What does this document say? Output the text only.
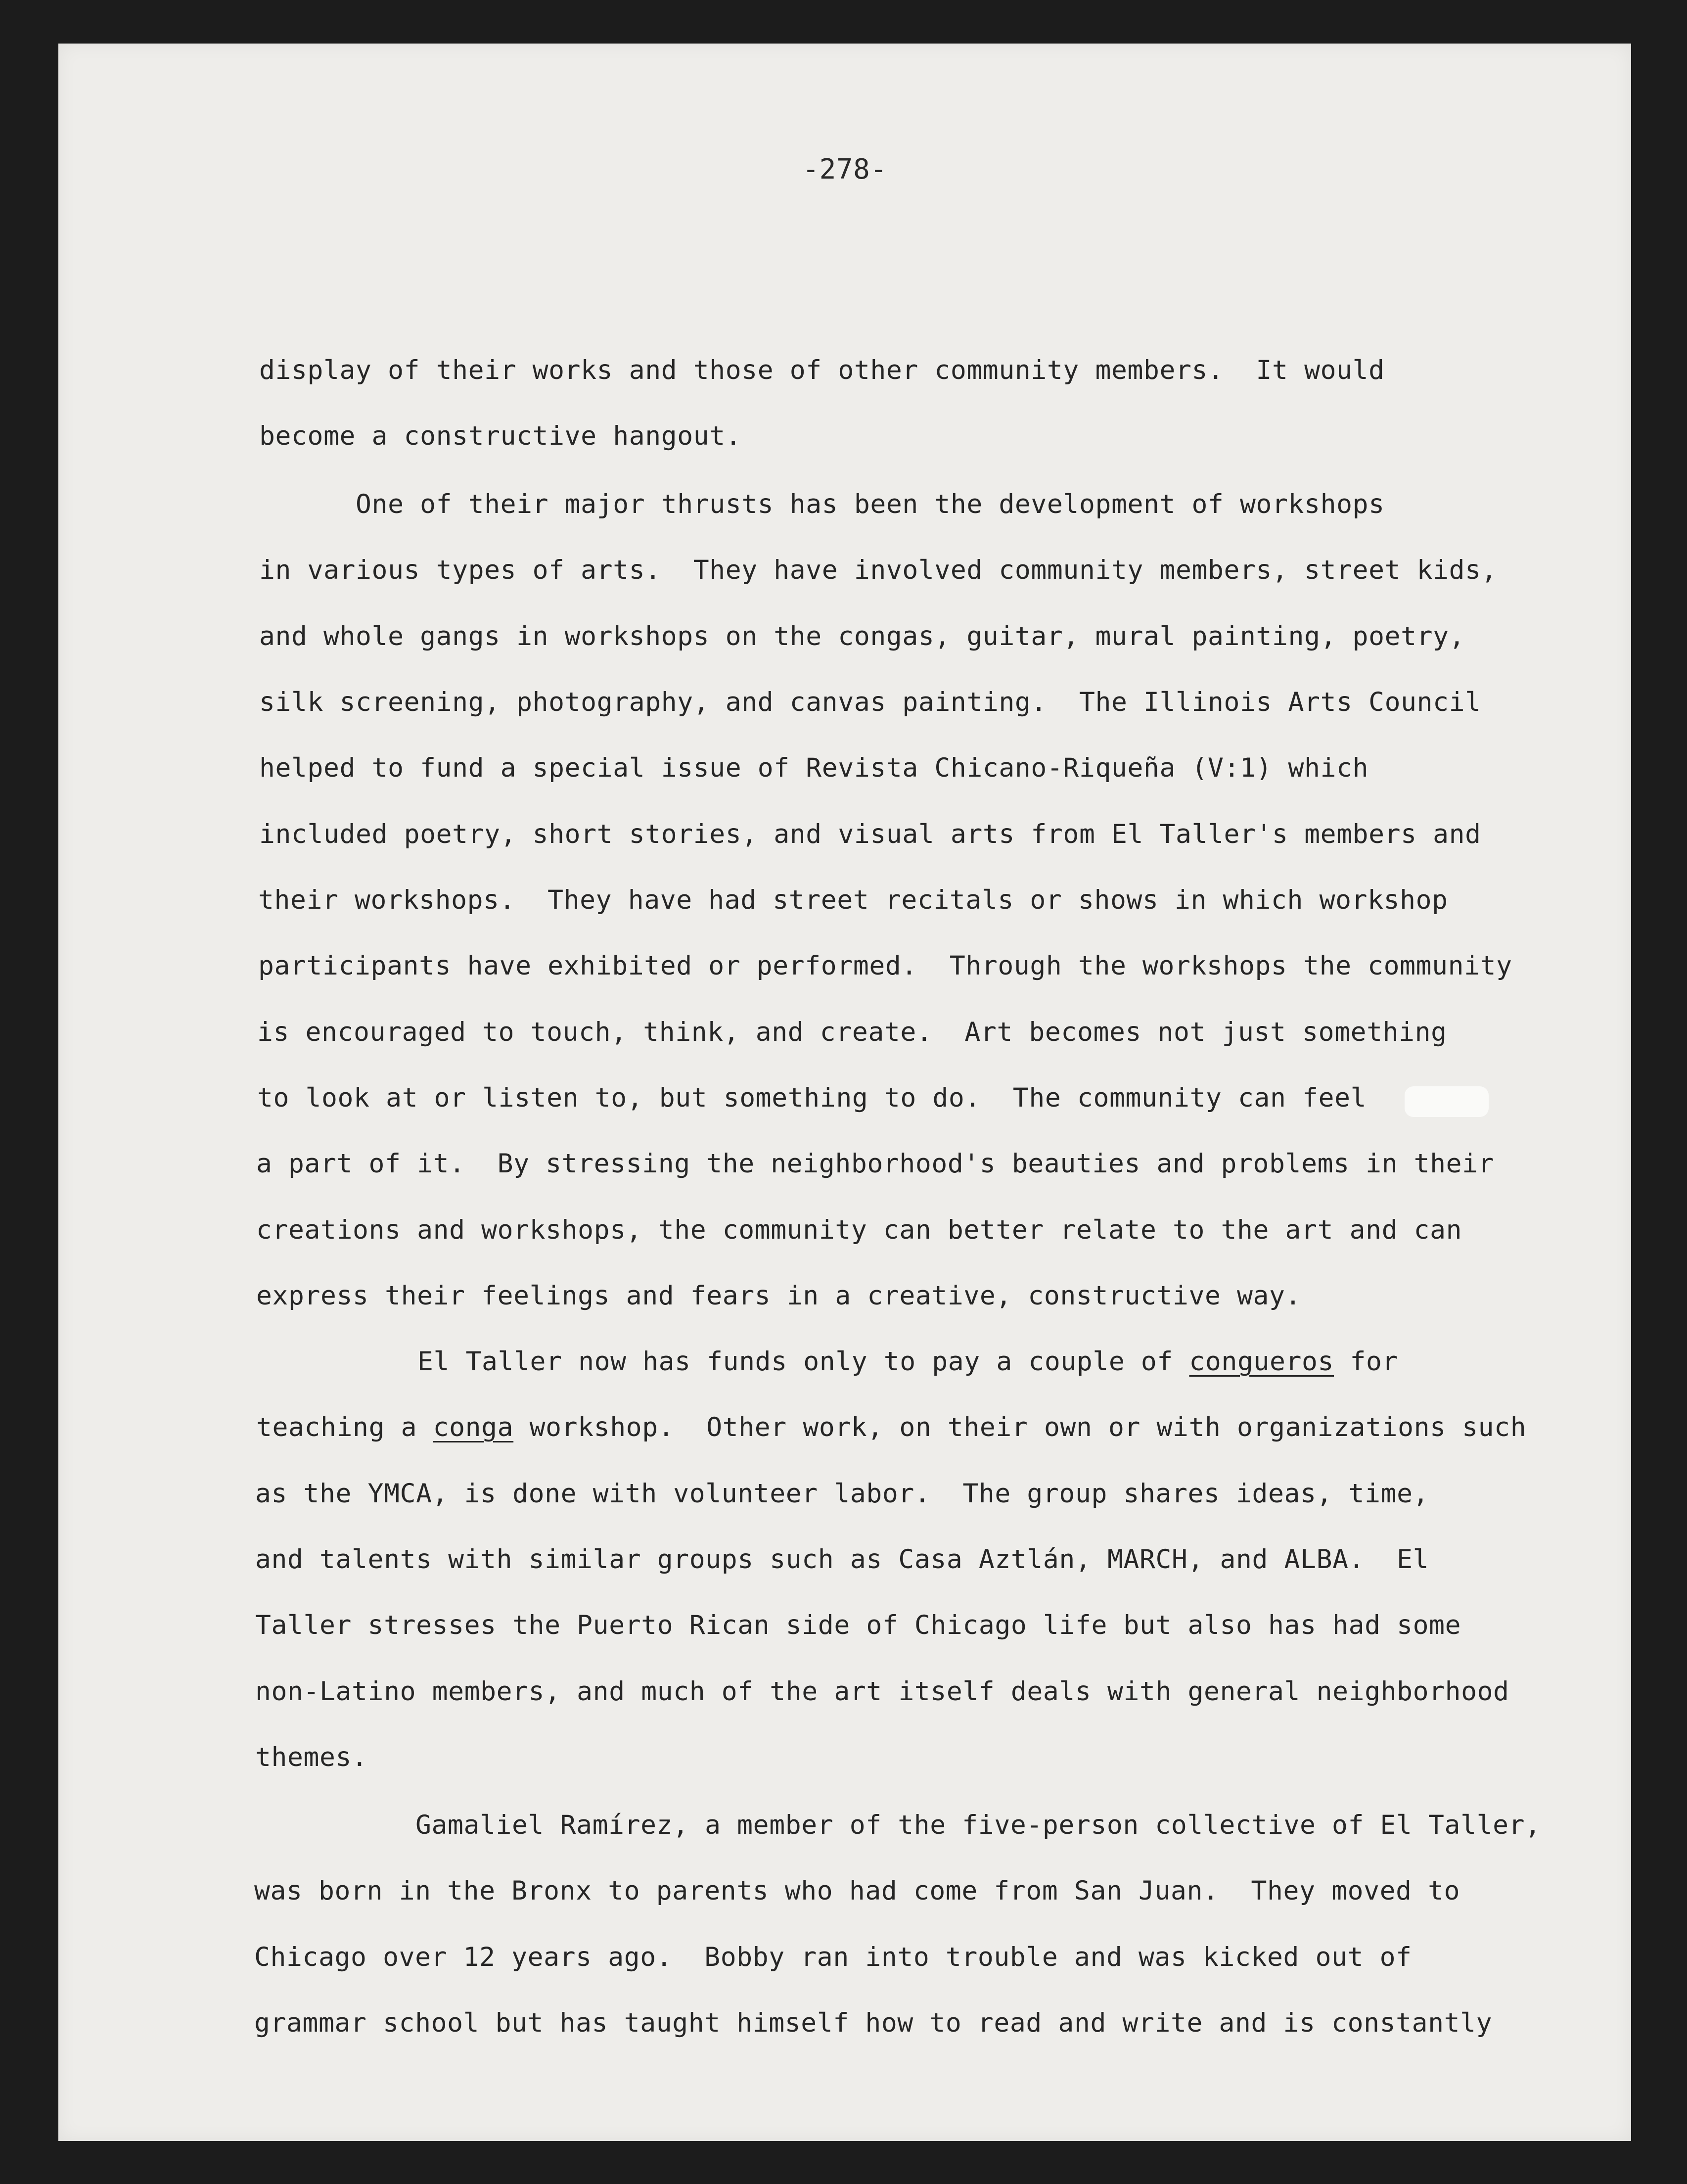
-278-
display of their works and those of other community members.  It would
become a constructive hangout.
One of their major thrusts has been the development of workshops
in various types of arts.  They have involved community members, street kids,
and whole gangs in workshops on the congas, guitar, mural painting, poetry,
silk screening, photography, and canvas painting.  The Illinois Arts Council
helped to fund a special issue of Revista Chicano-Riqueña (V:1) which
included poetry, short stories, and visual arts from El Taller's members and
their workshops.  They have had street recitals or shows in which workshop
participants have exhibited or performed.  Through the workshops the community
is encouraged to touch, think, and create.  Art becomes not just something
to look at or listen to, but something to do.  The community can feel
a part of it.  By stressing the neighborhood's beauties and problems in their
creations and workshops, the community can better relate to the art and can
express their feelings and fears in a creative, constructive way.
El Taller now has funds only to pay a couple of congueros for
teaching a conga workshop.  Other work, on their own or with organizations such
as the YMCA, is done with volunteer labor.  The group shares ideas, time,
and talents with similar groups such as Casa Aztlán, MARCH, and ALBA.  El
Taller stresses the Puerto Rican side of Chicago life but also has had some
non-Latino members, and much of the art itself deals with general neighborhood
themes.
Gamaliel Ramírez, a member of the five-person collective of El Taller,
was born in the Bronx to parents who had come from San Juan.  They moved to
Chicago over 12 years ago.  Bobby ran into trouble and was kicked out of
grammar school but has taught himself how to read and write and is constantly
